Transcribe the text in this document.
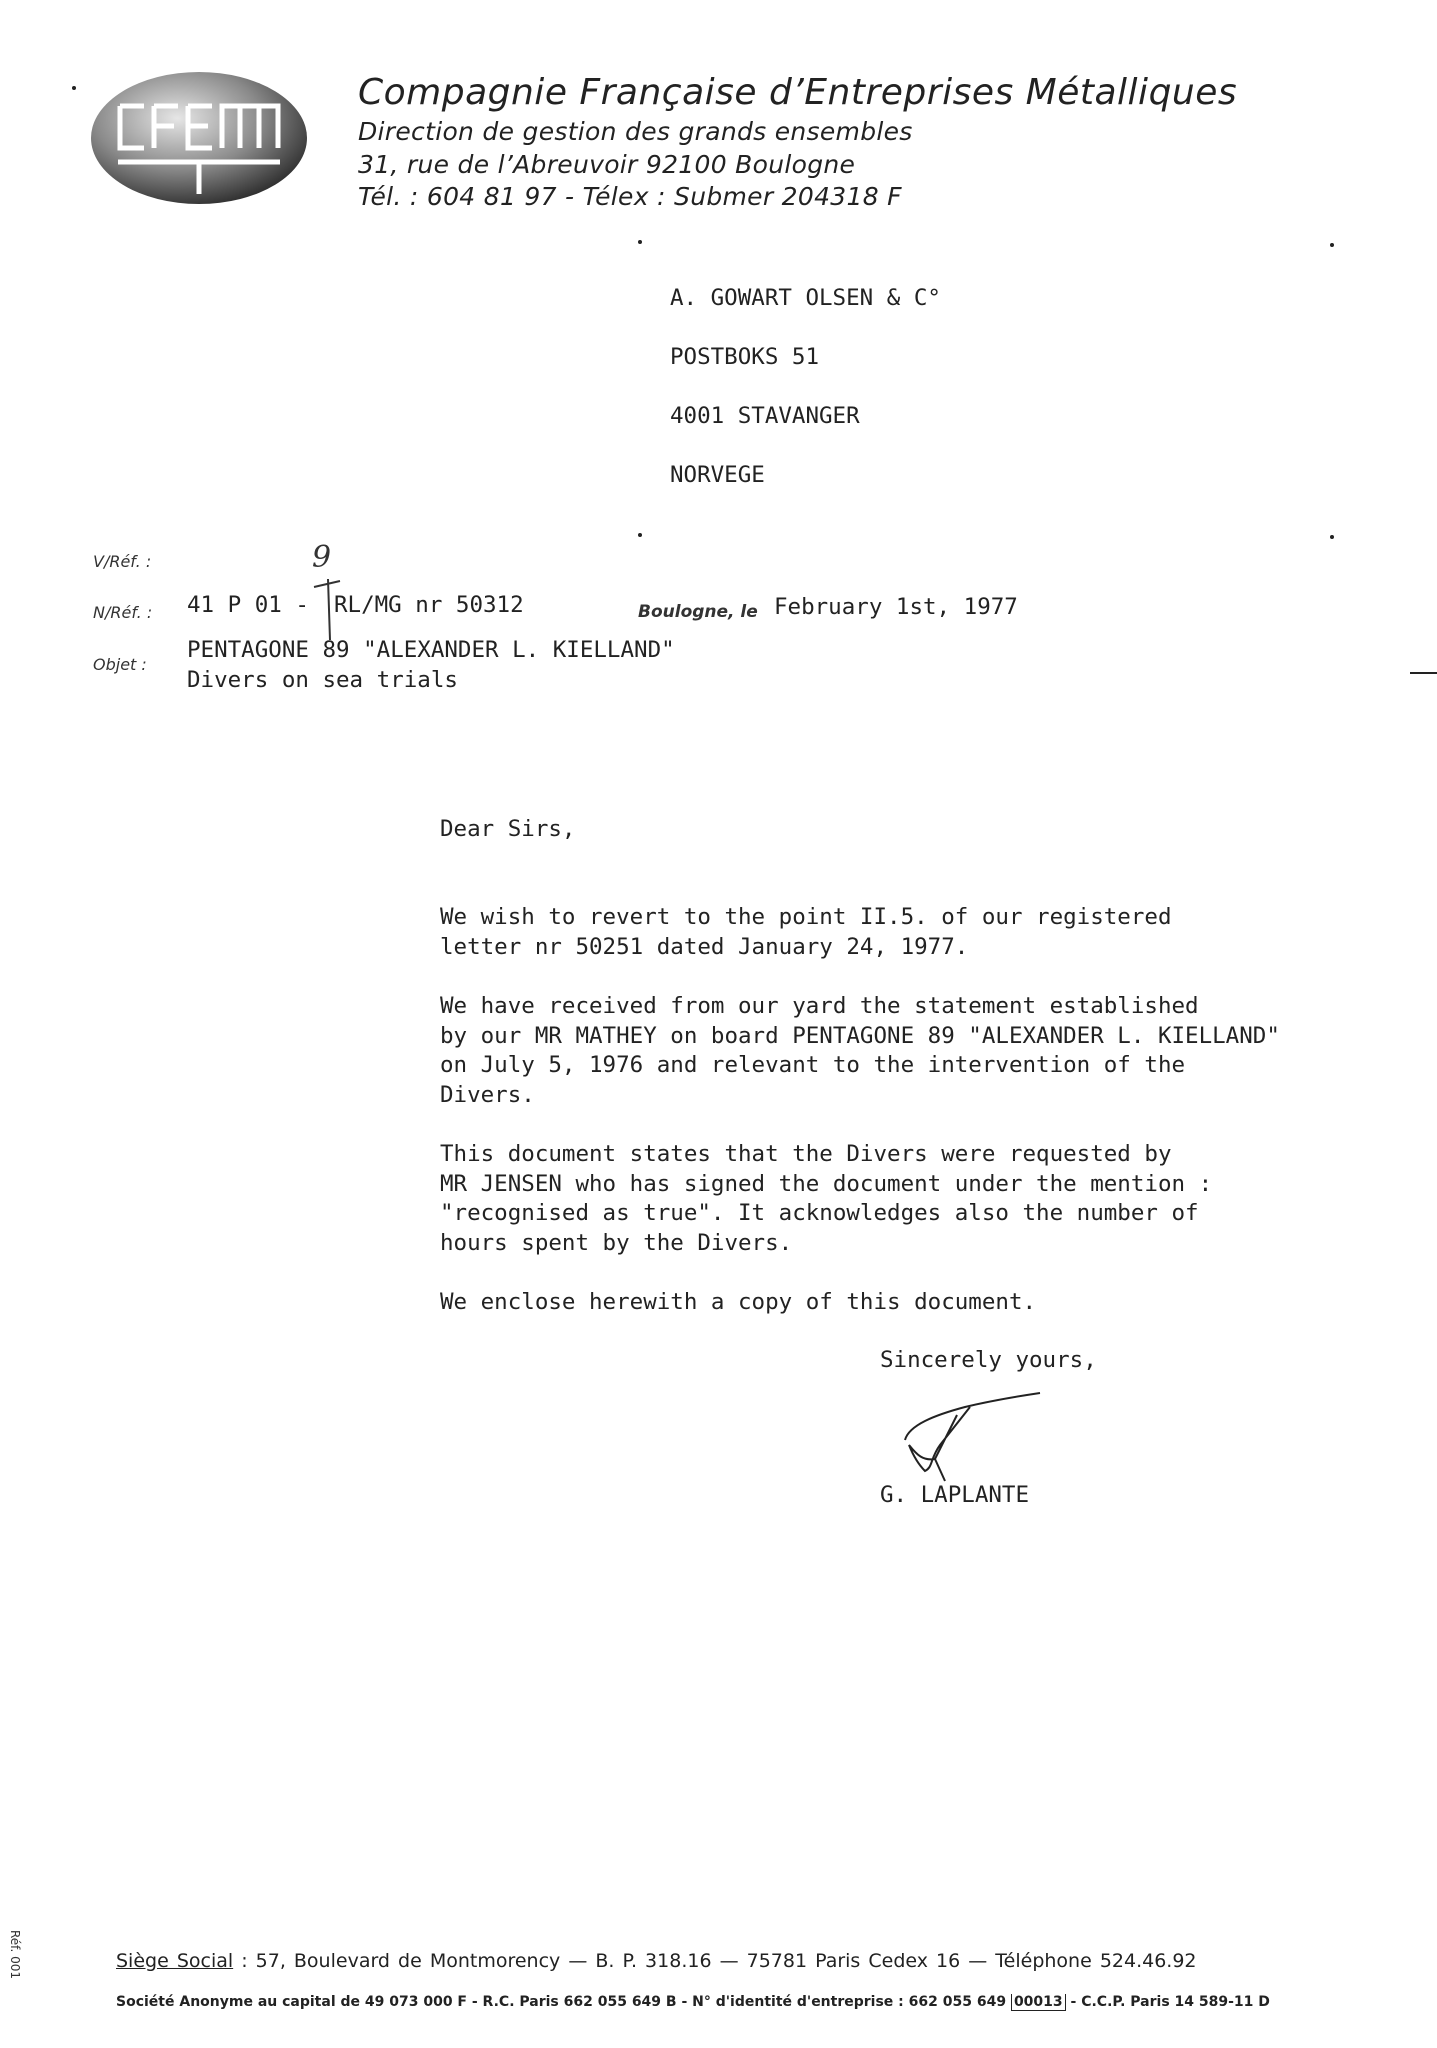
Compagnie Française d’Entreprises Métalliques
Direction de gestion des grands ensembles
31, rue de l’Abreuvoir 92100 Boulogne
Tél. : 604 81 97 - Télex : Submer 204318 F
A. GOWART OLSEN & C°
POSTBOKS 51
4001 STAVANGER
NORVEGE
V/Réf. :
N/Réf. : 41 P 01 - RL/MG nr 50312
9
Objet :
PENTAGONE 89 "ALEXANDER L. KIELLAND"
Divers on sea trials
Boulogne, le February 1st, 1977
Dear Sirs,
We wish to revert to the point II.5. of our registered
letter nr 50251 dated January 24, 1977.
We have received from our yard the statement established
by our MR MATHEY on board PENTAGONE 89 "ALEXANDER L. KIELLAND"
on July 5, 1976 and relevant to the intervention of the
Divers.
This document states that the Divers were requested by
MR JENSEN who has signed the document under the mention :
"recognised as true". It acknowledges also the number of
hours spent by the Divers.
We enclose herewith a copy of this document.
Sincerely yours,
G. LAPLANTE
Siège Social : 57, Boulevard de Montmorency — B. P. 318.16 — 75781 Paris Cedex 16 — Téléphone 524.46.92
Société Anonyme au capital de 49 073 000 F - R.C. Paris 662 055 649 B - N° d'identité d'entreprise : 662 055 649 00013 - C.C.P. Paris 14 589-11 D
Réf. 001
